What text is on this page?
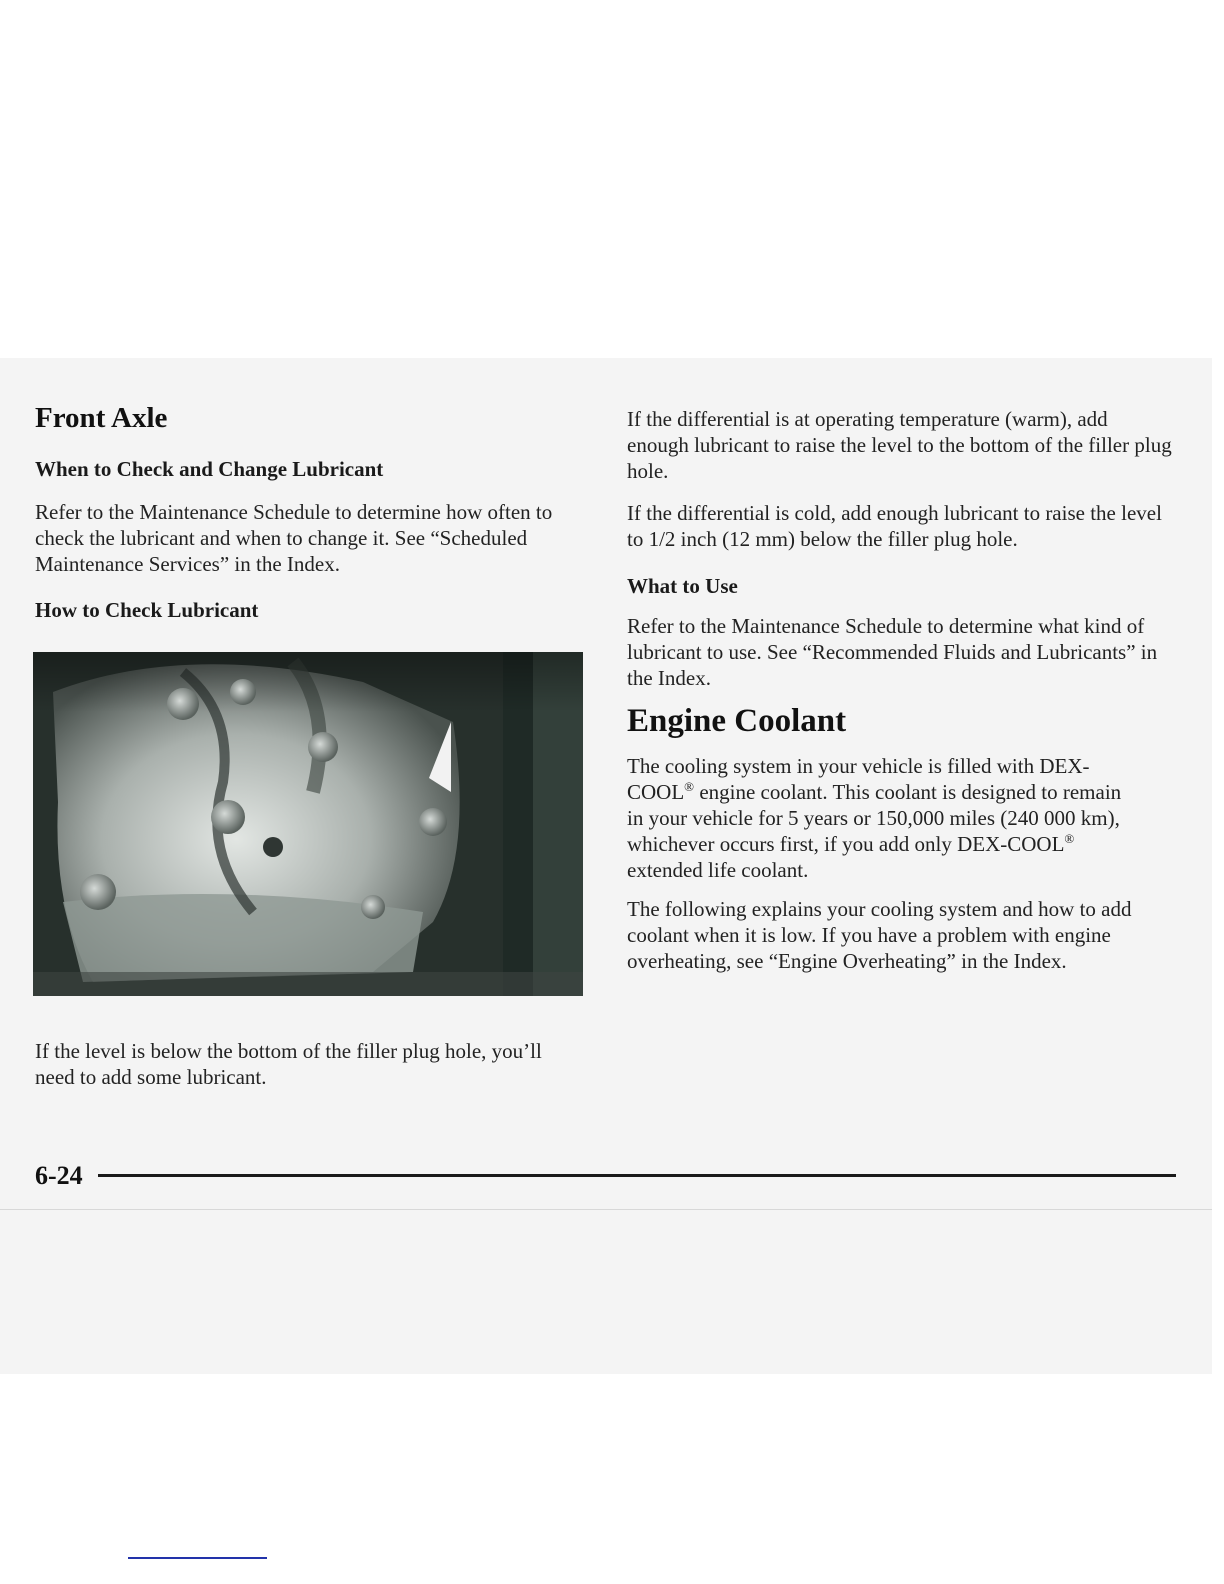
Front Axle
When to Check and Change Lubricant

Refer to the Maintenance Schedule to determine how often to check the lubricant and when to change it. See “Scheduled Maintenance Services” in the Index.

How to Check Lubricant

If the level is below the bottom of the filler plug hole, you’ll need to add some lubricant.

If the differential is at operating temperature (warm), add enough lubricant to raise the level to the bottom of the filler plug hole.

If the differential is cold, add enough lubricant to raise the level to 1/2 inch (12 mm) below the filler plug hole.

What to Use

Refer to the Maintenance Schedule to determine what kind of lubricant to use. See “Recommended Fluids and Lubricants” in the Index.

Engine Coolant

The cooling system in your vehicle is filled with DEX-COOL® engine coolant. This coolant is designed to remain in your vehicle for 5 years or 150,000 miles (240 000 km), whichever occurs first, if you add only DEX-COOL® extended life coolant.

The following explains your cooling system and how to add coolant when it is low. If you have a problem with engine overheating, see “Engine Overheating” in the Index.

6-24
